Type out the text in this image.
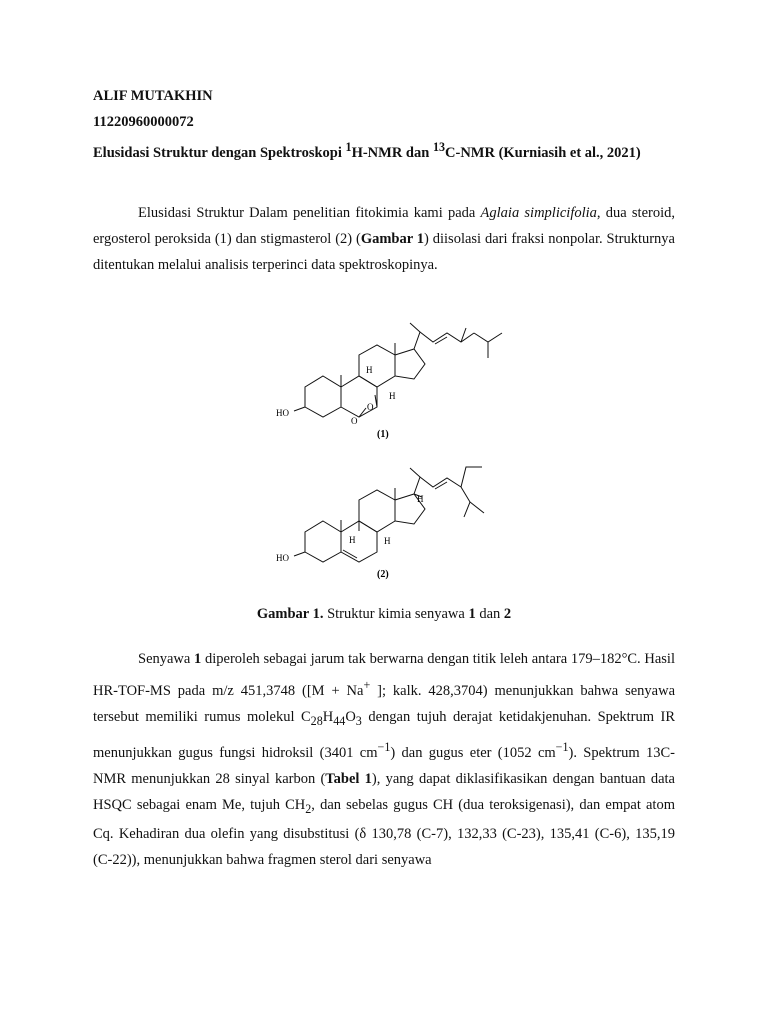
ALIF MUTAKHIN
11220960000072
Elusidasi Struktur dengan Spektroskopi $^1$H-NMR dan $^{13}$C-NMR (Kurniasih et al., 2021)

Elusidasi Struktur Dalam penelitian fitokimia kami pada Aglaia simplicifolia, dua steroid, ergosterol peroksida (1) dan stigmasterol (2) (Gambar 1) diisolasi dari fraksi nonpolar. Strukturnya ditentukan melalui analisis terperinci data spektroskopinya.

H
H
O
O
HO
(1)
H
H	H
HO
(2)
Gambar 1. Struktur kimia senyawa 1 dan 2

Senyawa 1 diperoleh sebagai jarum tak berwarna dengan titik leleh antara 179–182°C. Hasil HR-TOF-MS pada m/z 451,3748 ([M + Na+ ]; kalk. 428,3704) menunjukkan bahwa senyawa tersebut memiliki rumus molekul $C_{28}H_{44}O_3$ dengan tujuh derajat ketidakjenuhan. Spektrum IR menunjukkan gugus fungsi hidroksil (3401 $cm^{-1}$) dan gugus eter (1052 $cm^{-1}$). Spektrum 13C-NMR menunjukkan 28 sinyal karbon (Tabel 1), yang dapat diklasifikasikan dengan bantuan data HSQC sebagai enam Me, tujuh $CH_2$, dan sebelas gugus CH (dua teroksigenasi), dan empat atom Cq. Kehadiran dua olefin yang disubstitusi (δ 130,78 (C-7), 132,33 (C-23), 135,41 (C-6), 135,19 (C-22)), menunjukkan bahwa fragmen sterol dari senyawa
